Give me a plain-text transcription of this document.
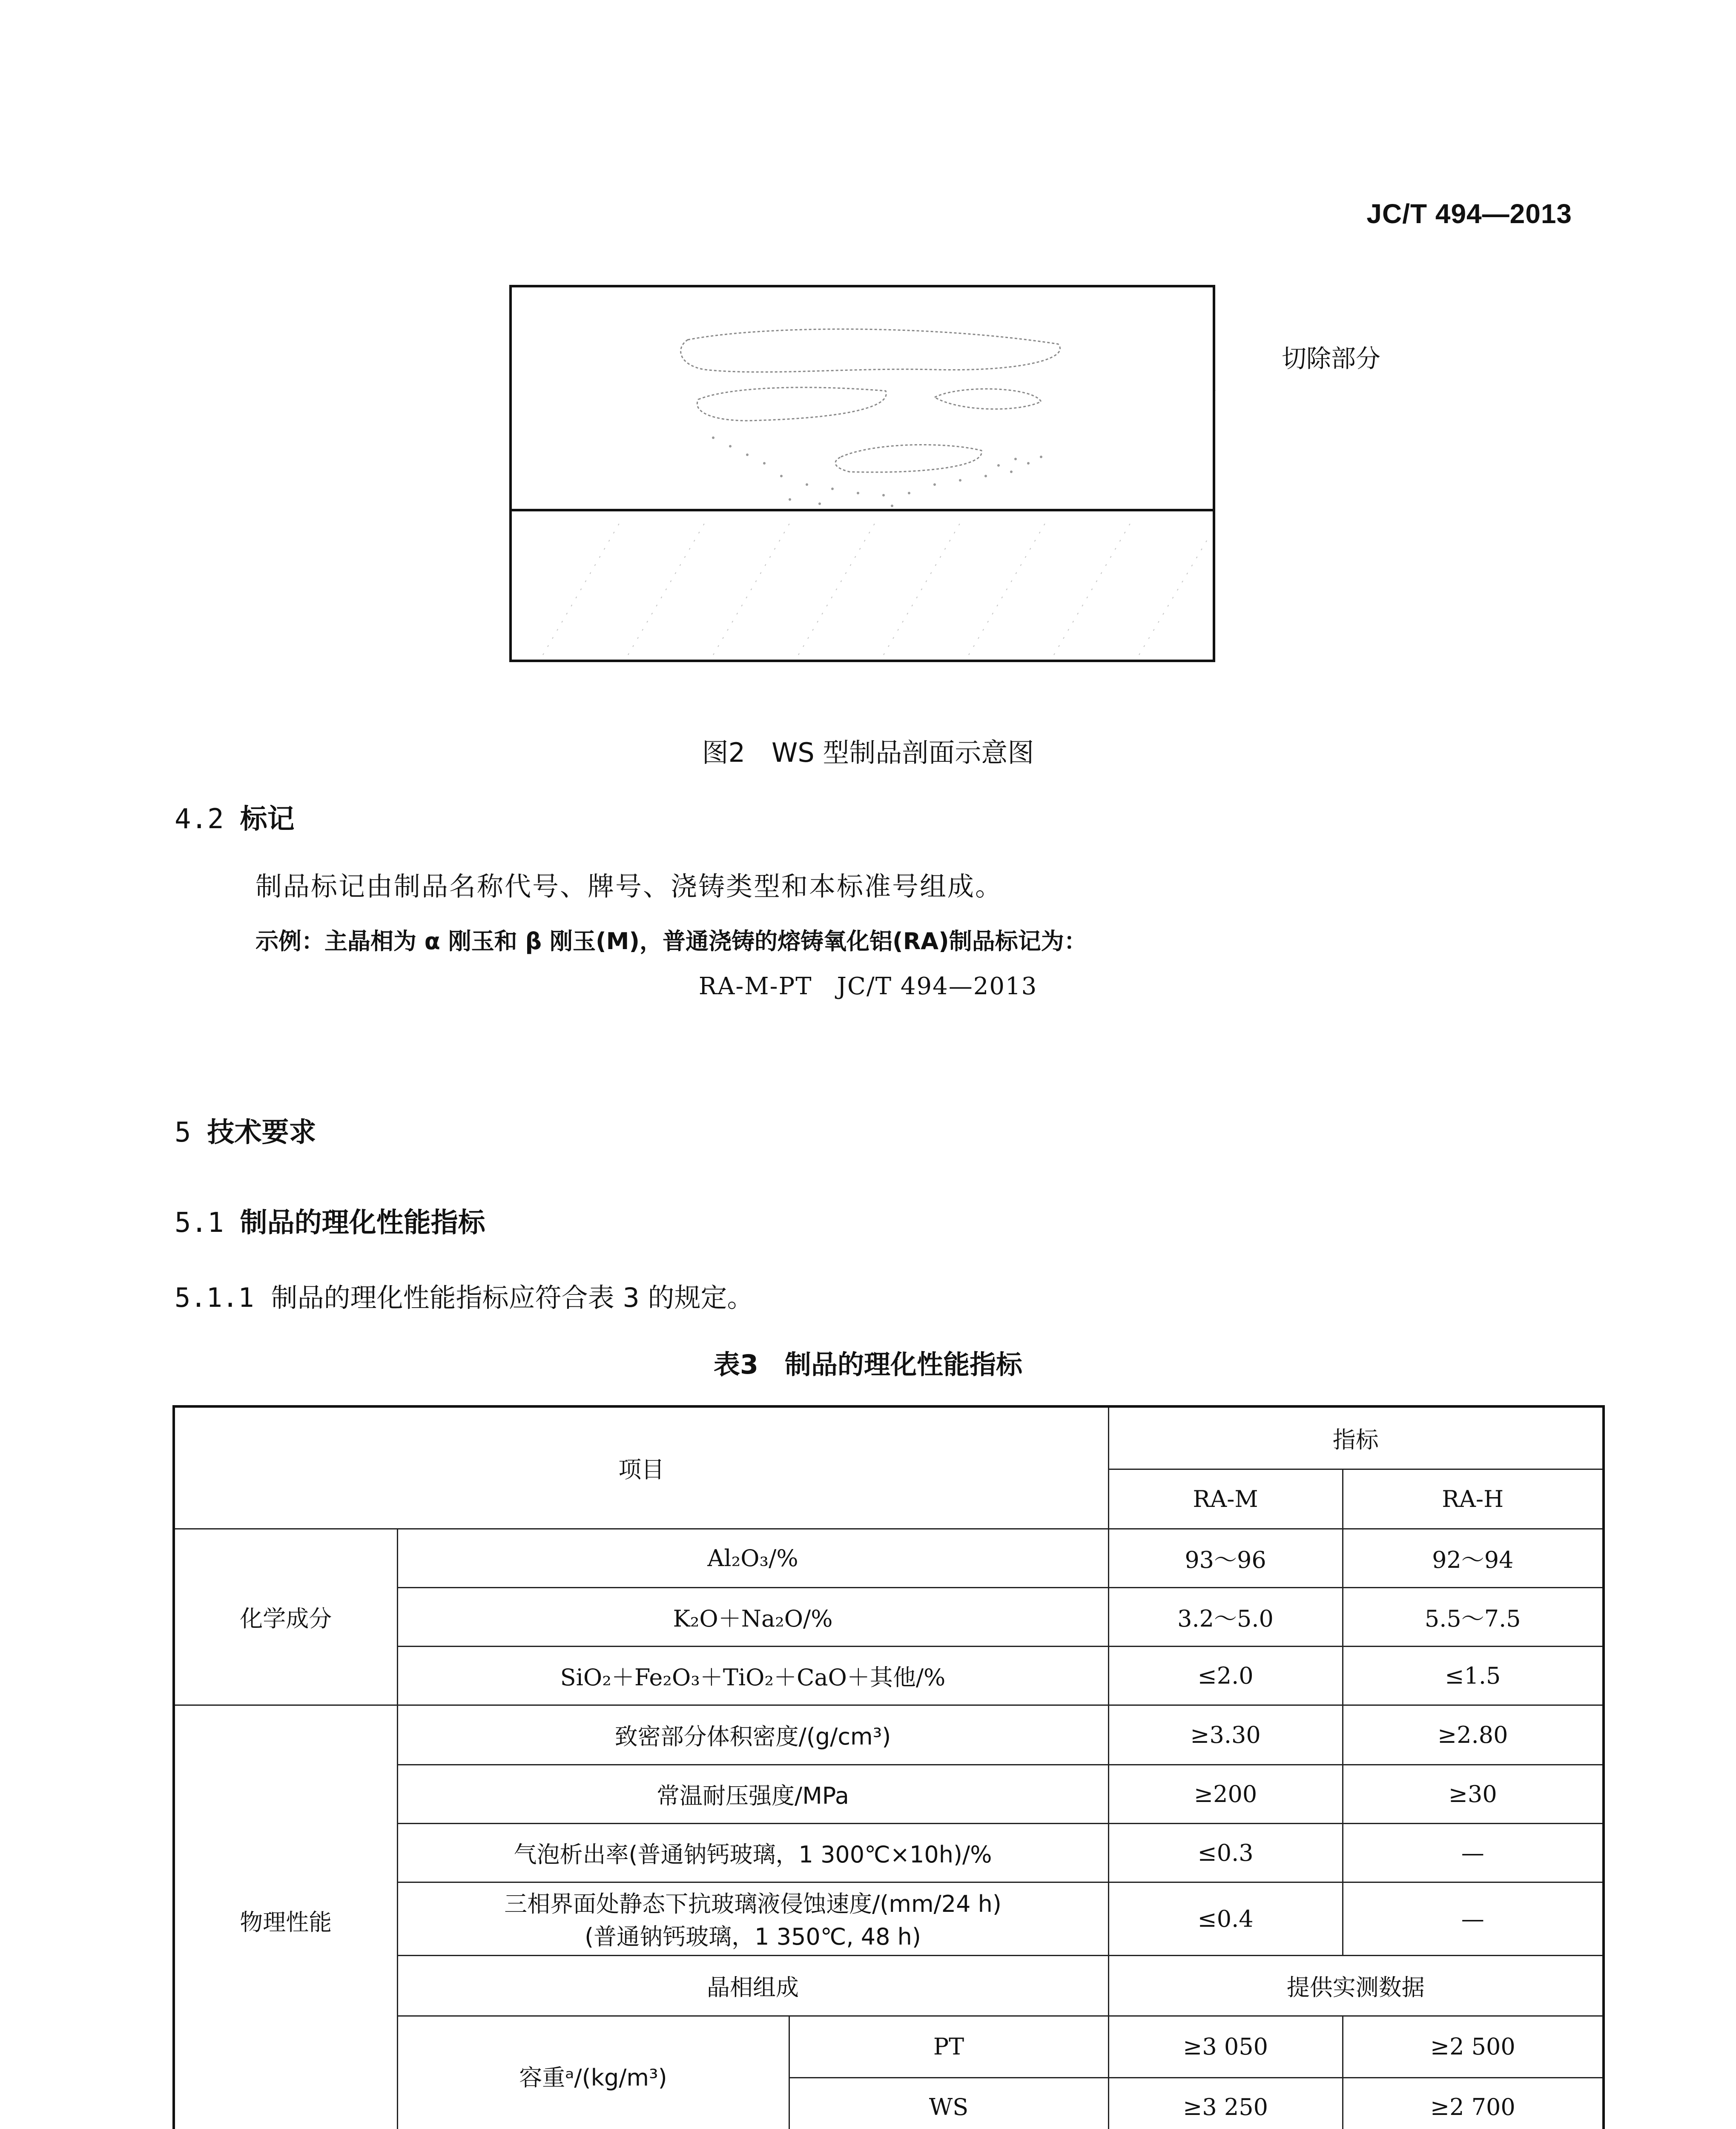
JC/T 494—2013
切除部分
图2　WS 型制品剖面示意图
4.2 标记
制品标记由制品名称代号、牌号、浇铸类型和本标准号组成。
示例：主晶相为 α 刚玉和 β 刚玉(M)，普通浇铸的熔铸氧化铝(RA)制品标记为：
RA-M-PT　JC/T 494—2013
5 技术要求
5.1 制品的理化性能指标
5.1.1 制品的理化性能指标应符合表 3 的规定。
表3　制品的理化性能指标
项目			指标	
			RA-M	RA-H
化学成分	Al₂O₃/%		93～96	92～94
	K₂O＋Na₂O/%		3.2～5.0	5.5～7.5
	SiO₂＋Fe₂O₃＋TiO₂＋CaO＋其他/%		≤2.0	≤1.5
物理性能	致密部分体积密度/(g/cm³)		≥3.30	≥2.80
	常温耐压强度/MPa		≥200	≥30
	气泡析出率(普通钠钙玻璃，1 300℃×10h)/%		≤0.3	—

	三相界面处静态下抗玻璃液侵蚀速度/(mm/24 h)
(普通钠钙玻璃，1 350℃, 48 h)		≤0.4	—
	晶相组成		提供实测数据	
	容重ᵃ/(kg/m³)	PT	≥3 050	≥2 500
		WS	≥3 250	≥2 700
